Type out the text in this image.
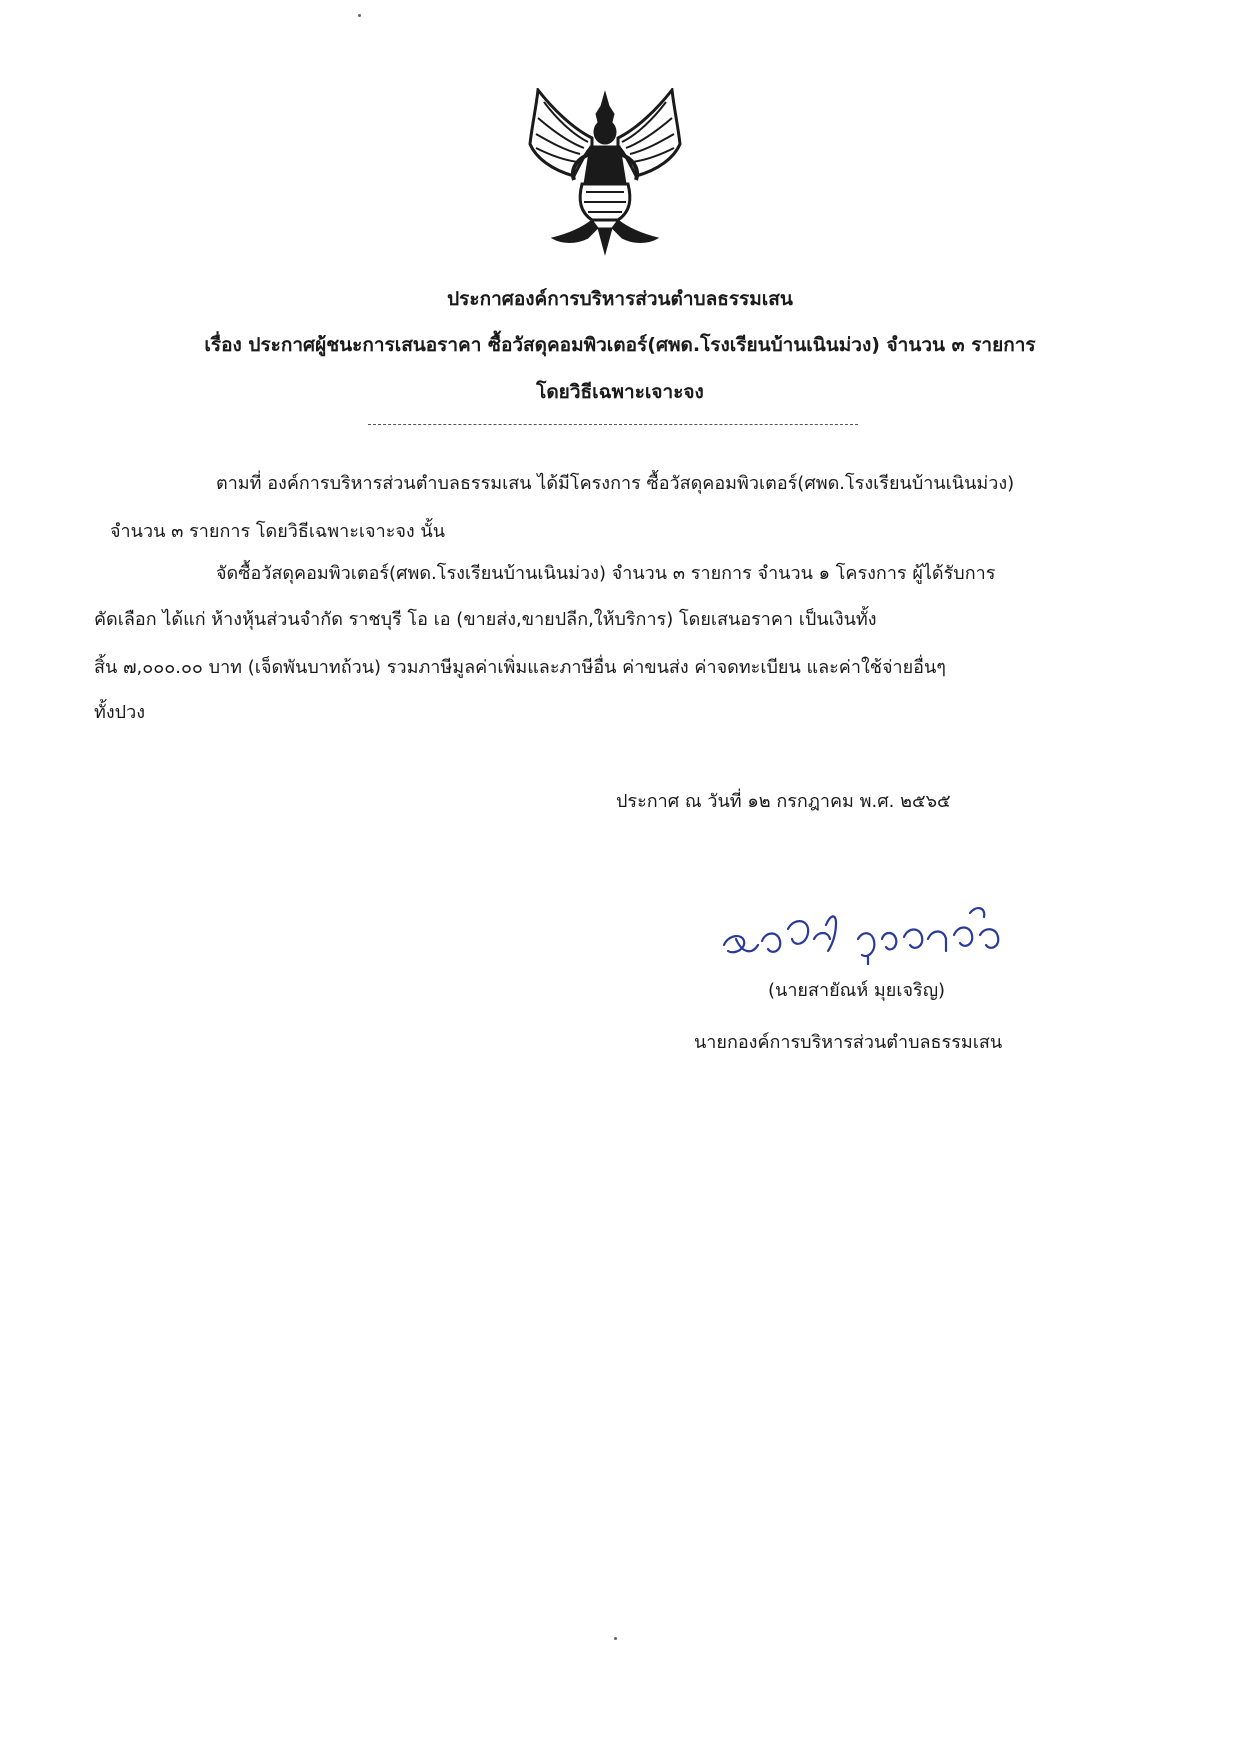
ประกาศองค์การบริหารส่วนตำบลธรรมเสน
เรื่อง ประกาศผู้ชนะการเสนอราคา ซื้อวัสดุคอมพิวเตอร์(ศพด.โรงเรียนบ้านเนินม่วง) จำนวน ๓ รายการ
โดยวิธีเฉพาะเจาะจง
ตามที่ องค์การบริหารส่วนตำบลธรรมเสน ได้มีโครงการ ซื้อวัสดุคอมพิวเตอร์(ศพด.โรงเรียนบ้านเนินม่วง)
จำนวน ๓ รายการ โดยวิธีเฉพาะเจาะจง นั้น
จัดซื้อวัสดุคอมพิวเตอร์(ศพด.โรงเรียนบ้านเนินม่วง) จำนวน ๓ รายการ จำนวน ๑ โครงการ ผู้ได้รับการ
คัดเลือก ได้แก่ ห้างหุ้นส่วนจำกัด ราชบุรี โอ เอ (ขายส่ง,ขายปลีก,ให้บริการ) โดยเสนอราคา เป็นเงินทั้ง
สิ้น ๗,๐๐๐.๐๐ บาท (เจ็ดพันบาทถ้วน) รวมภาษีมูลค่าเพิ่มและภาษีอื่น ค่าขนส่ง ค่าจดทะเบียน และค่าใช้จ่ายอื่นๆ
ทั้งปวง
ประกาศ ณ วันที่ ๑๒ กรกฎาคม พ.ศ. ๒๕๖๕
(นายสายัณห์ มุยเจริญ)
นายกองค์การบริหารส่วนตำบลธรรมเสน
